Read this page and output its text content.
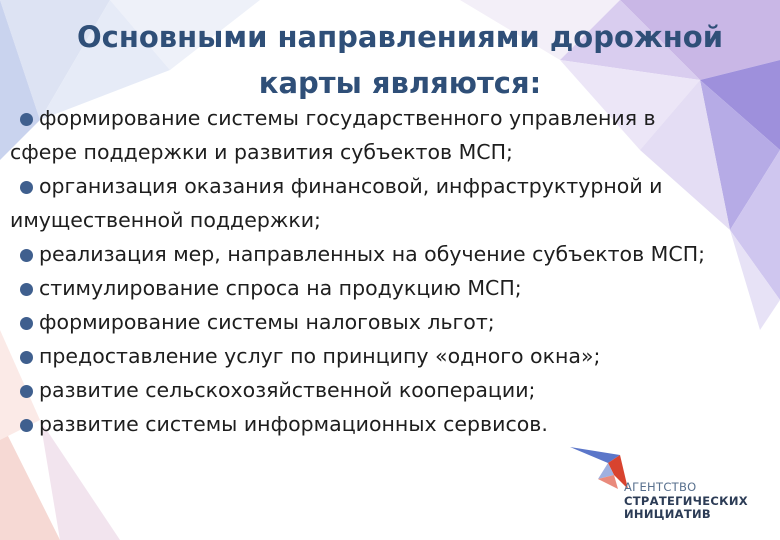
Основными направлениями дорожной
карты являются:
формирование системы государственного управления в
сфере поддержки и развития субъектов МСП;
организация оказания финансовой, инфраструктурной и
имущественной поддержки;
реализация мер, направленных на обучение субъектов МСП;
стимулирование спроса на продукцию МСП;
формирование системы налоговых льгот;
предоставление услуг по принципу «одного окна»;
развитие сельскохозяйственной кооперации;
развитие системы информационных сервисов.
АГЕНТСТВО
СТРАТЕГИЧЕСКИХ
ИНИЦИАТИВ
